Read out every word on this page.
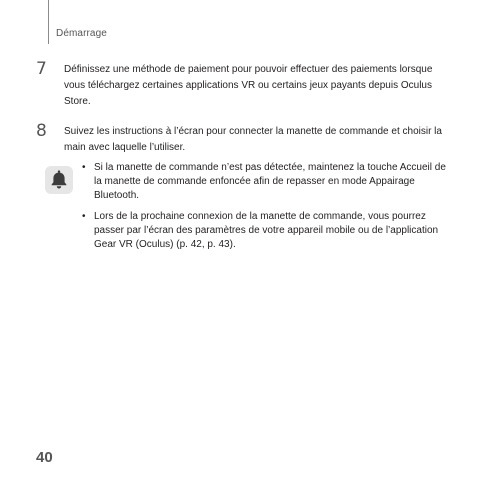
Démarrage
7 Définissez une méthode de paiement pour pouvoir effectuer des paiements lorsque vous téléchargez certaines applications VR ou certains jeux payants depuis Oculus Store.
8 Suivez les instructions à l’écran pour connecter la manette de commande et choisir la main avec laquelle l’utiliser.
• Si la manette de commande n’est pas détectée, maintenez la touche Accueil de la manette de commande enfoncée afin de repasser en mode Appairage Bluetooth.
• Lors de la prochaine connexion de la manette de commande, vous pourrez passer par l’écran des paramètres de votre appareil mobile ou de l’application Gear VR (Oculus) (p. 42, p. 43).
40
